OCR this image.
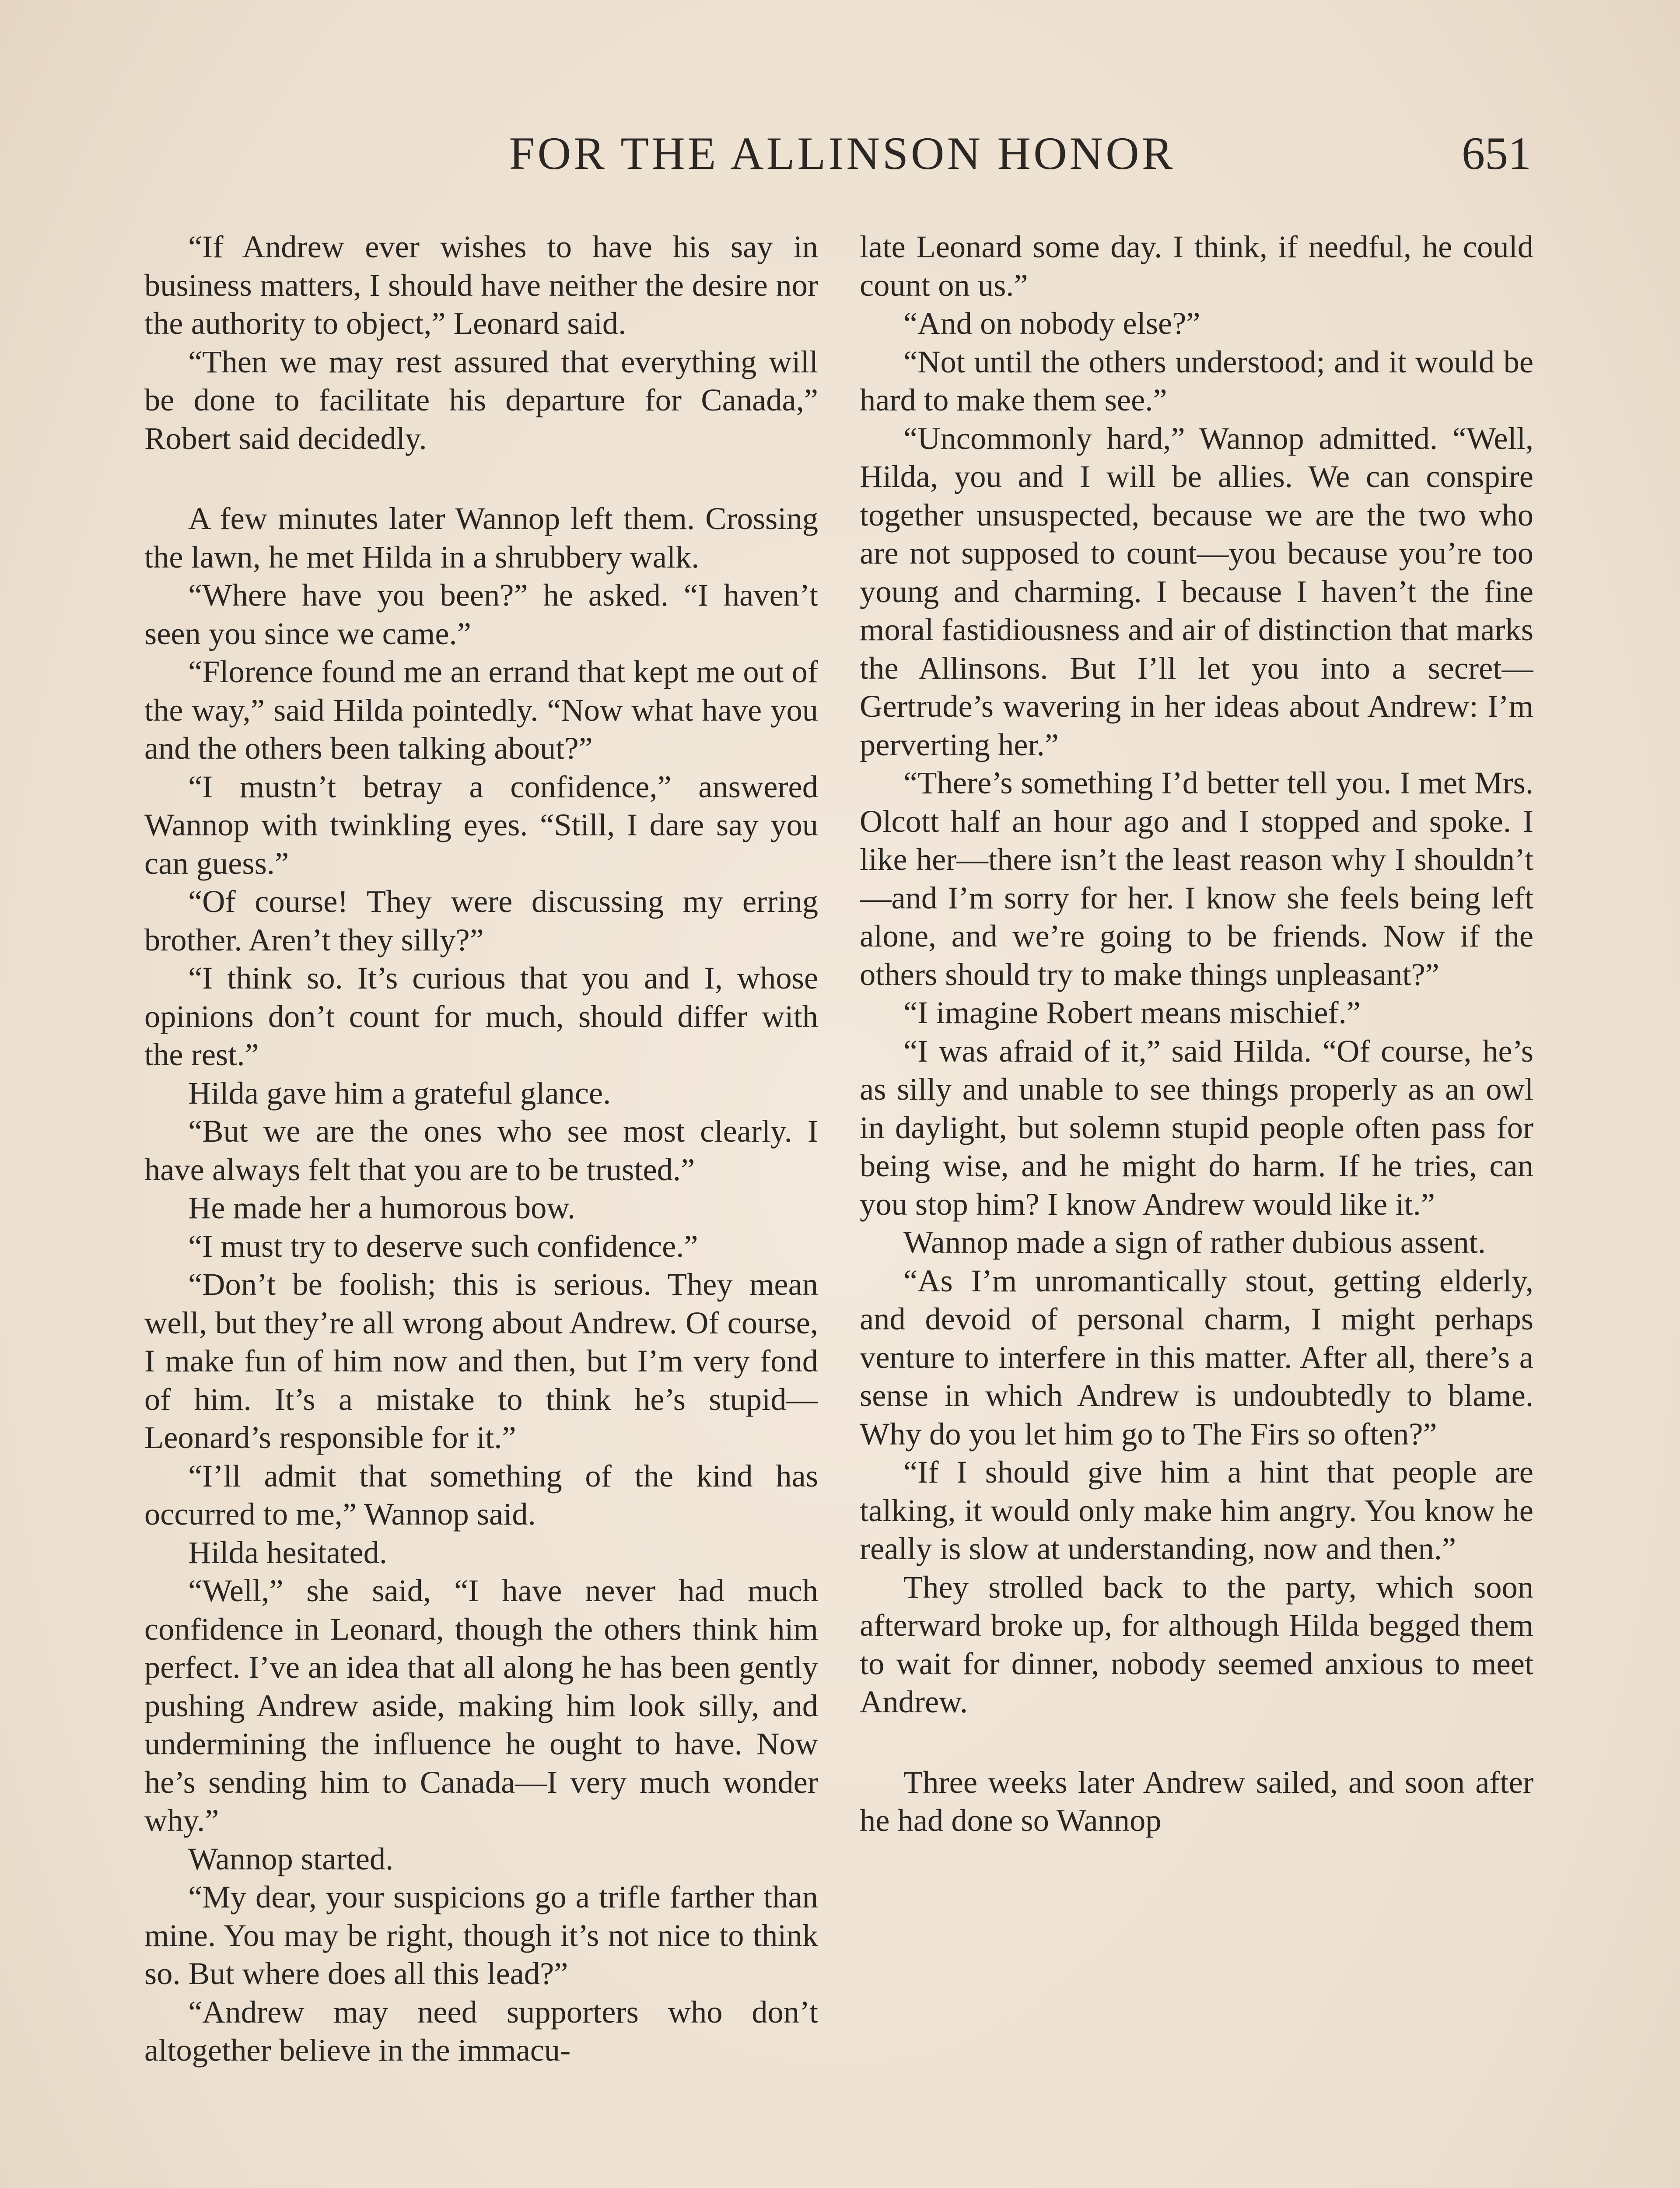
FOR THE ALLINSON HONOR	651

“If Andrew ever wishes to have his say in business matters, I should have neither the desire nor the authority to object,” Leonard said.

“Then we may rest assured that everything will be done to facilitate his departure for Canada,” Robert said decidedly.

A few minutes later Wannop left them. Crossing the lawn, he met Hilda in a shrubbery walk.

“Where have you been?” he asked. “I haven’t seen you since we came.”

“Florence found me an errand that kept me out of the way,” said Hilda pointedly. “Now what have you and the others been talking about?”

“I mustn’t betray a confidence,” answered Wannop with twinkling eyes. “Still, I dare say you can guess.”

“Of course! They were discussing my erring brother. Aren’t they silly?”

“I think so. It’s curious that you and I, whose opinions don’t count for much, should differ with the rest.”

Hilda gave him a grateful glance.

“But we are the ones who see most clearly. I have always felt that you are to be trusted.”

He made her a humorous bow.

“I must try to deserve such confidence.”

“Don’t be foolish; this is serious. They mean well, but they’re all wrong about Andrew. Of course, I make fun of him now and then, but I’m very fond of him. It’s a mistake to think he’s stupid—Leonard’s responsible for it.”

“I’ll admit that something of the kind has occurred to me,” Wannop said.

Hilda hesitated.

“Well,” she said, “I have never had much confidence in Leonard, though the others think him perfect. I’ve an idea that all along he has been gently pushing Andrew aside, making him look silly, and undermining the influence he ought to have. Now he’s sending him to Canada—I very much wonder why.”

Wannop started.

“My dear, your suspicions go a trifle farther than mine. You may be right, though it’s not nice to think so. But where does all this lead?”

“Andrew may need supporters who don’t altogether believe in the immacu-

late Leonard some day. I think, if needful, he could count on us.”

“And on nobody else?”

“Not until the others understood; and it would be hard to make them see.”

“Uncommonly hard,” Wannop admitted. “Well, Hilda, you and I will be allies. We can conspire together unsuspected, because we are the two who are not supposed to count—you because you’re too young and charming. I because I haven’t the fine moral fastidiousness and air of distinction that marks the Allinsons. But I’ll let you into a secret—Gertrude’s wavering in her ideas about Andrew: I’m perverting her.”

“There’s something I’d better tell you. I met Mrs. Olcott half an hour ago and I stopped and spoke. I like her—there isn’t the least reason why I shouldn’t—and I’m sorry for her. I know she feels being left alone, and we’re going to be friends. Now if the others should try to make things unpleasant?”

“I imagine Robert means mischief.”

“I was afraid of it,” said Hilda. “Of course, he’s as silly and unable to see things properly as an owl in daylight, but solemn stupid people often pass for being wise, and he might do harm. If he tries, can you stop him? I know Andrew would like it.”

Wannop made a sign of rather dubious assent.

“As I’m unromantically stout, getting elderly, and devoid of personal charm, I might perhaps venture to interfere in this matter. After all, there’s a sense in which Andrew is undoubtedly to blame. Why do you let him go to The Firs so often?”

“If I should give him a hint that people are talking, it would only make him angry. You know he really is slow at understanding, now and then.”

They strolled back to the party, which soon afterward broke up, for although Hilda begged them to wait for dinner, nobody seemed anxious to meet Andrew.

Three weeks later Andrew sailed, and soon after he had done so Wannop
